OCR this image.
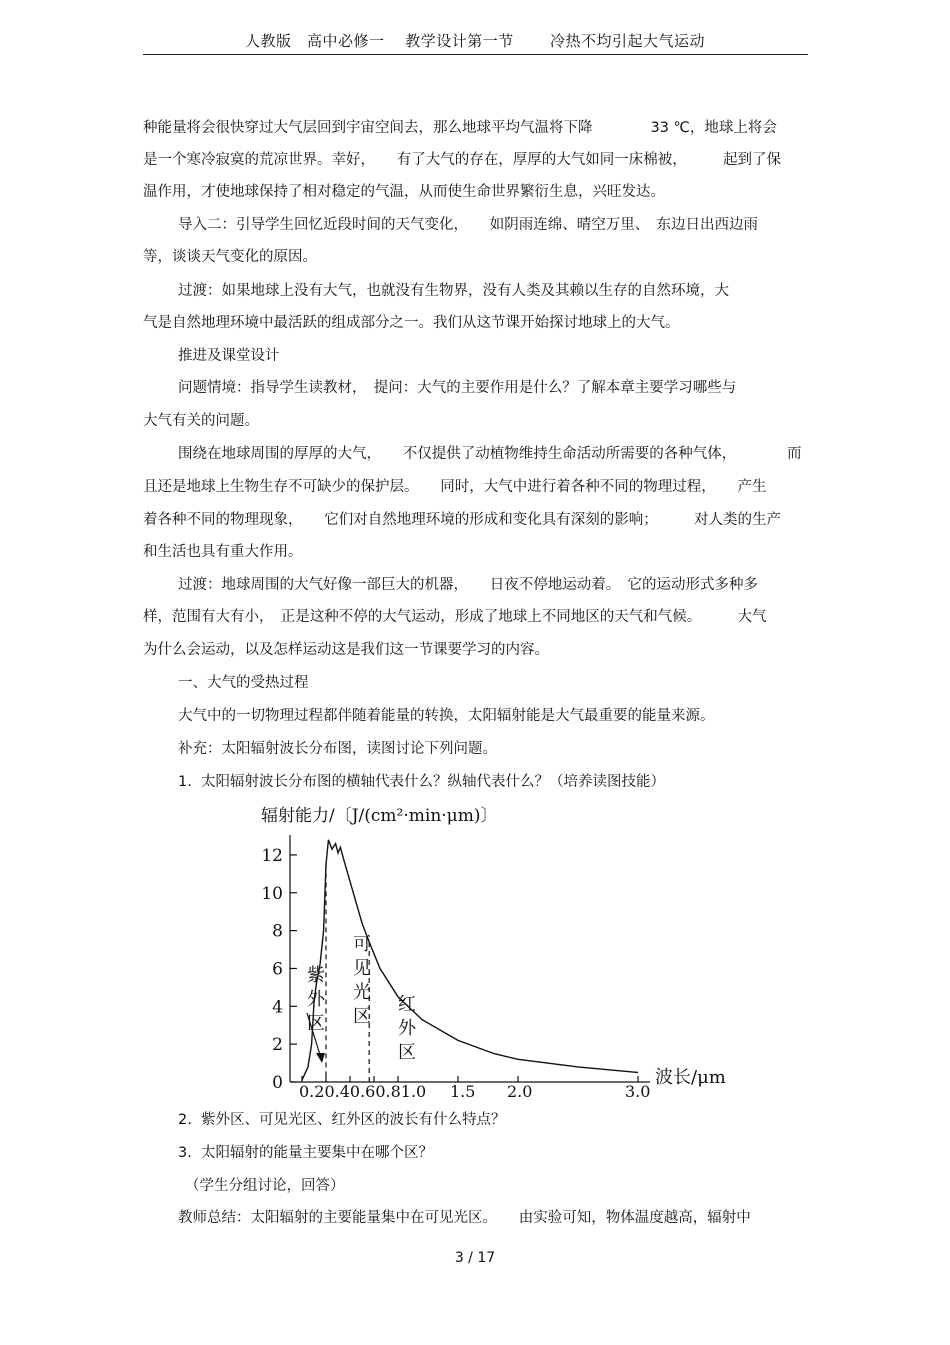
人教版　高中必修一　 教学设计第一节　　 冷热不均引起大气运动
种能量将会很快穿过大气层回到宇宙空间去，那么地球平均气温将下降　　　　33 ℃，地球上将会
是一个寒冷寂寞的荒凉世界。幸好，　　有了大气的存在，厚厚的大气如同一床棉被，　　　起到了保
温作用，才使地球保持了相对稳定的气温，从而使生命世界繁衍生息，兴旺发达。
导入二：引导学生回忆近段时间的天气变化，　　如阴雨连绵、晴空万里、　东边日出西边雨
等，谈谈天气变化的原因。
过渡：如果地球上没有大气，也就没有生物界，没有人类及其赖以生存的自然环境，大
气是自然地理环境中最活跃的组成部分之一。我们从这节课开始探讨地球上的大气。
推进及课堂设计
问题情境：指导学生读教材，　提问：大气的主要作用是什么？了解本章主要学习哪些与
大气有关的问题。
围绕在地球周围的厚厚的大气，　　不仅提供了动植物维持生命活动所需要的各种气体，　　　　而
且还是地球上生物生存不可缺少的保护层。　　同时，大气中进行着各种不同的物理过程，　　产生
着各种不同的物理现象，　　它们对自然地理环境的形成和变化具有深刻的影响；　　　对人类的生产
和生活也具有重大作用。
过渡：地球周围的大气好像一部巨大的机器，　　日夜不停地运动着。　它的运动形式多种多
样，范围有大有小，　正是这种不停的大气运动，形成了地球上不同地区的天气和气候。　　　大气
为什么会运动，以及怎样运动这是我们这一节课要学习的内容。
一、大气的受热过程
大气中的一切物理过程都伴随着能量的转换，太阳辐射能是大气最重要的能量来源。
补充：太阳辐射波长分布图，读图讨论下列问题。
1.  太阳辐射波长分布图的横轴代表什么？纵轴代表什么？（培养读图技能）
辐射能力/〔J/(cm²·min·μm)〕
0
2
4
6
8
10
12
0.20.40.60.81.0 1.5 2.0	3.0
波长/μm
紫外区
可见光区
红外区
2.  紫外区、可见光区、红外区的波长有什么特点？
3.  太阳辐射的能量主要集中在哪个区？
（学生分组讨论，回答）
教师总结：太阳辐射的主要能量集中在可见光区。　　由实验可知，物体温度越高，辐射中
3 / 17
